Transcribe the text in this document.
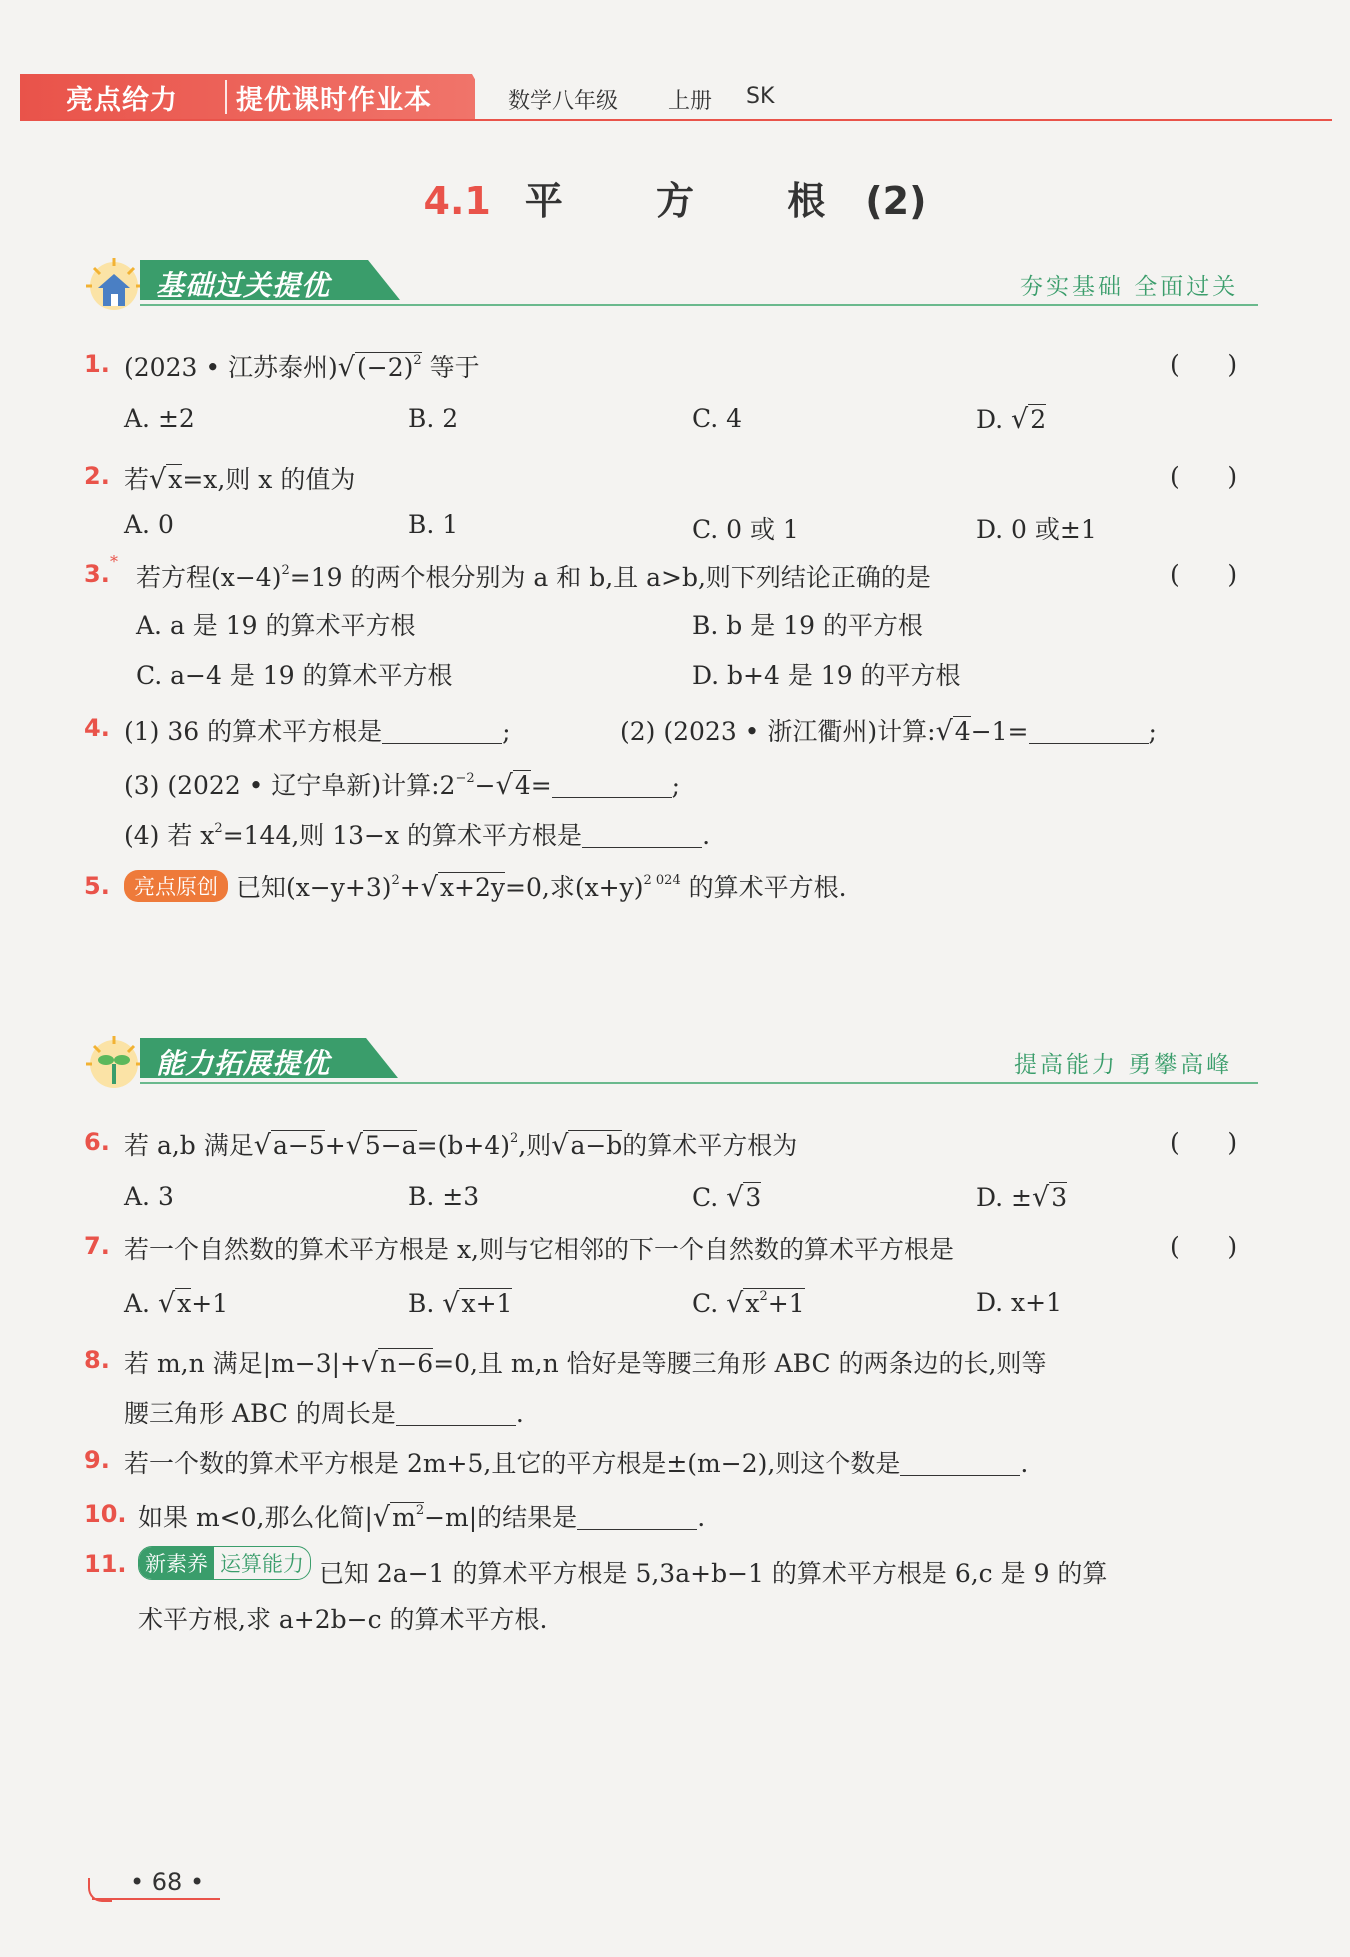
亮点给力 提优课时作业本	数学八年级 上册 SK
4.1 平 方 根(2)
基础过关提优	夯实基础 全面过关
1. (2023 • 江苏泰州)$√(-2)^2$ 等于	(      )
A. ±2	B. 2	C. 4	D. √2
2. 若√x=x,则 x 的值为	(      )
A. 0	B. 1	C. 0 或 1	D. 0 或±1
3. *
若方程$(x-4)^2=19$ 的两个根分别为 a 和 b,且 a>b,则下列结论正确的是	(      )
A. a 是 19 的算术平方根	B. b 是 19 的平方根
C. a−4 是 19 的算术平方根	D. b+4 是 19 的平方根
4. (1) 36 的算术平方根是	;	(2) (2023 • 浙江衢州)计算:√4−1=	;
(3) (2022 • 辽宁阜新)计算$:2^{-2}-√4=$	;
(4) 若 $x^2=144$,则 13−x 的算术平方根是	.
5.	亮点原创 已知$(x-y+3)^2+√x+2y=0$,求$(x+y)^{2 024}$ 的算术平方根.
能力拓展提优	提高能力 勇攀高峰
6. 若 a,b 满足$√a-5+√5-a=(b+4)^2$,则√a−b的算术平方根为	(      )
A. 3	B. ±3	C. √3	D. ±√3
7. 若一个自然数的算术平方根是 x,则与它相邻的下一个自然数的算术平方根是	(      )
A. √x+1	B. √x+1	C. $√x^2+1$	D. x+1
8. 若 m,n 满足|m−3|+√n−6=0,且 m,n 恰好是等腰三角形 ABC 的两条边的长,则等
腰三角形 ABC 的周长是	.
9. 若一个数的算术平方根是 2m+5,且它的平方根是±(m−2),则这个数是	.
10. 如果 m<0,那么化简$|√m^2-m|$的结果是	.
11. 新素养 运算能力 已知 2a−1 的算术平方根是 5,3a+b−1 的算术平方根是 6,c 是 9 的算
术平方根,求 a+2b−c 的算术平方根.
• 68 •
